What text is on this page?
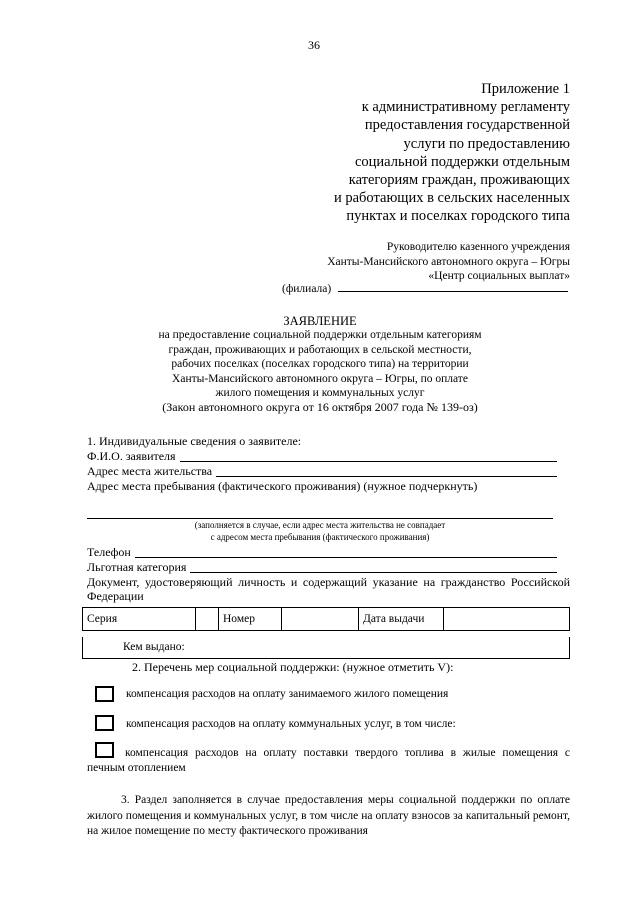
36
Приложение 1
к административному регламенту
предоставления государственной
услуги по предоставлению
социальной поддержки отдельным
категориям граждан, проживающих
и работающих в сельских населенных
пунктах и поселках городского типа
Руководителю казенного учреждения
Ханты-Мансийского автономного округа – Югры
«Центр социальных выплат»
(филиала)
ЗАЯВЛЕНИЕ
на предоставление социальной поддержки отдельным категориям
граждан, проживающих и работающих в сельской местности,
рабочих поселках (поселках городского типа) на территории
Ханты-Мансийского автономного округа – Югры, по оплате
жилого помещения и коммунальных услуг
(Закон автономного округа от 16 октября 2007 года № 139-оз)
1. Индивидуальные сведения о заявителе:
Ф.И.О. заявителя
Адрес места жительства
Адрес места пребывания (фактического проживания) (нужное подчеркнуть)
(заполняется в случае, если адрес места жительства не совпадает
с адресом места пребывания (фактического проживания)
Телефон
Льготная категория
Документ, удостоверяющий личность и содержащий указание на гражданство Российской Федерации
Серия		Номер		Дата выдачи	
Кем выдано:
2. Перечень мер социальной поддержки: (нужное отметить V):
компенсация расходов на оплату занимаемого жилого помещения
компенсация расходов на оплату коммунальных услуг, в том числе:
компенсация расходов на оплату поставки твердого топлива в жилые помещения с печным отоплением
3. Раздел заполняется в случае предоставления меры социальной поддержки по оплате жилого помещения и коммунальных услуг, в том числе на оплату взносов за капитальный ремонт, на жилое помещение по месту фактического проживания
